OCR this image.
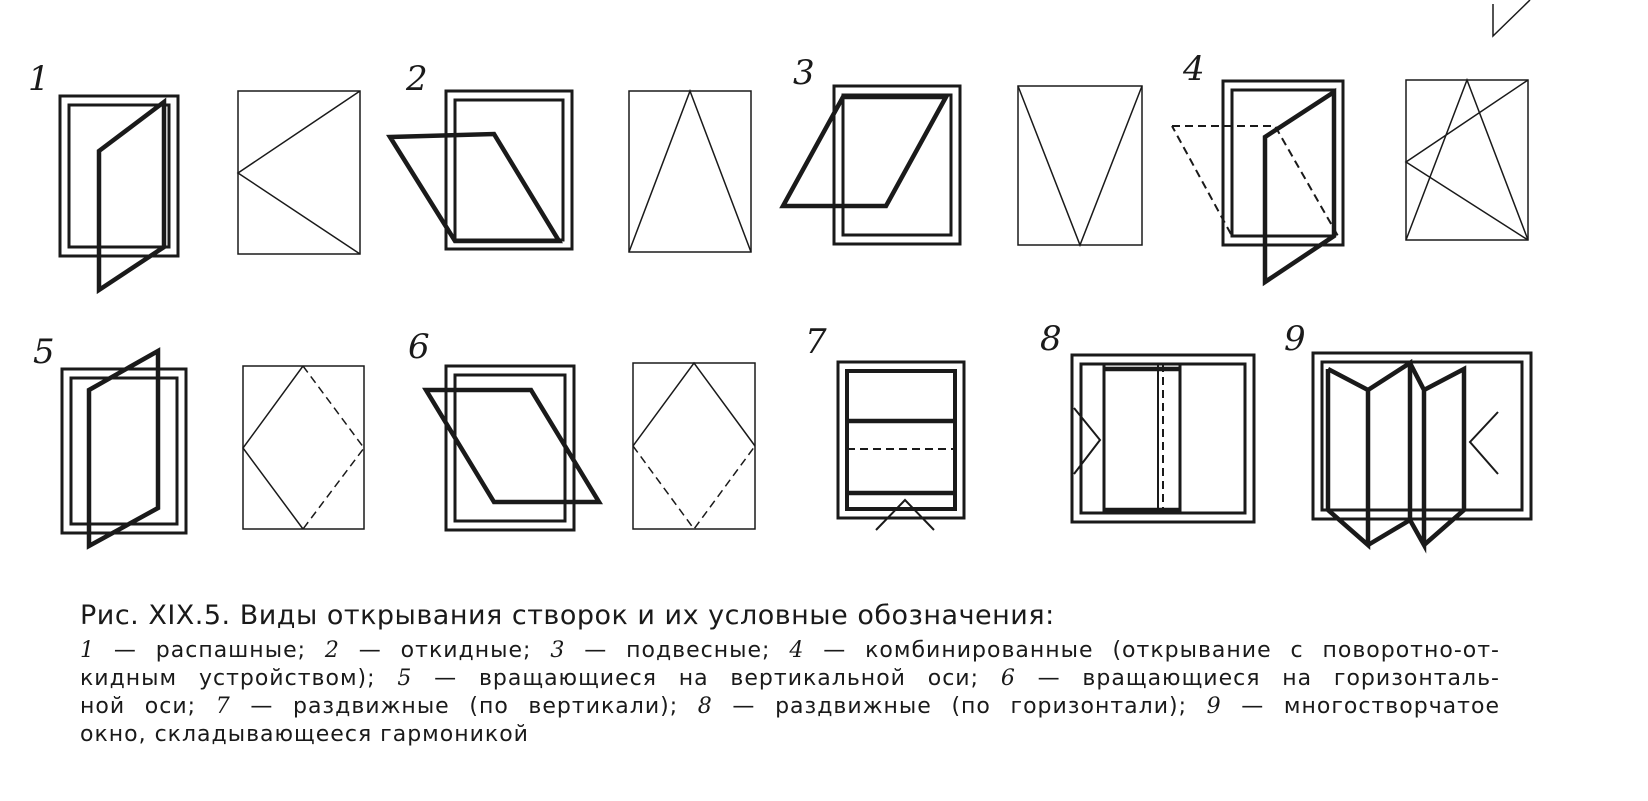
1	2	3	4
5	6	7	8	9
Рис. XIX.5. Виды открывания створок и их условные обозначения:
1 — распашные; 2 — откидные; 3 — подвесные; 4 — комбинированные (открывание с поворотно-от-
кидным устройством); 5 — вращающиеся на вертикальной оси; 6 — вращающиеся на горизонталь-
ной оси; 7 — раздвижные (по вертикали); 8 — раздвижные (по горизонтали); 9 — многостворчатое
окно, складывающееся гармоникой
